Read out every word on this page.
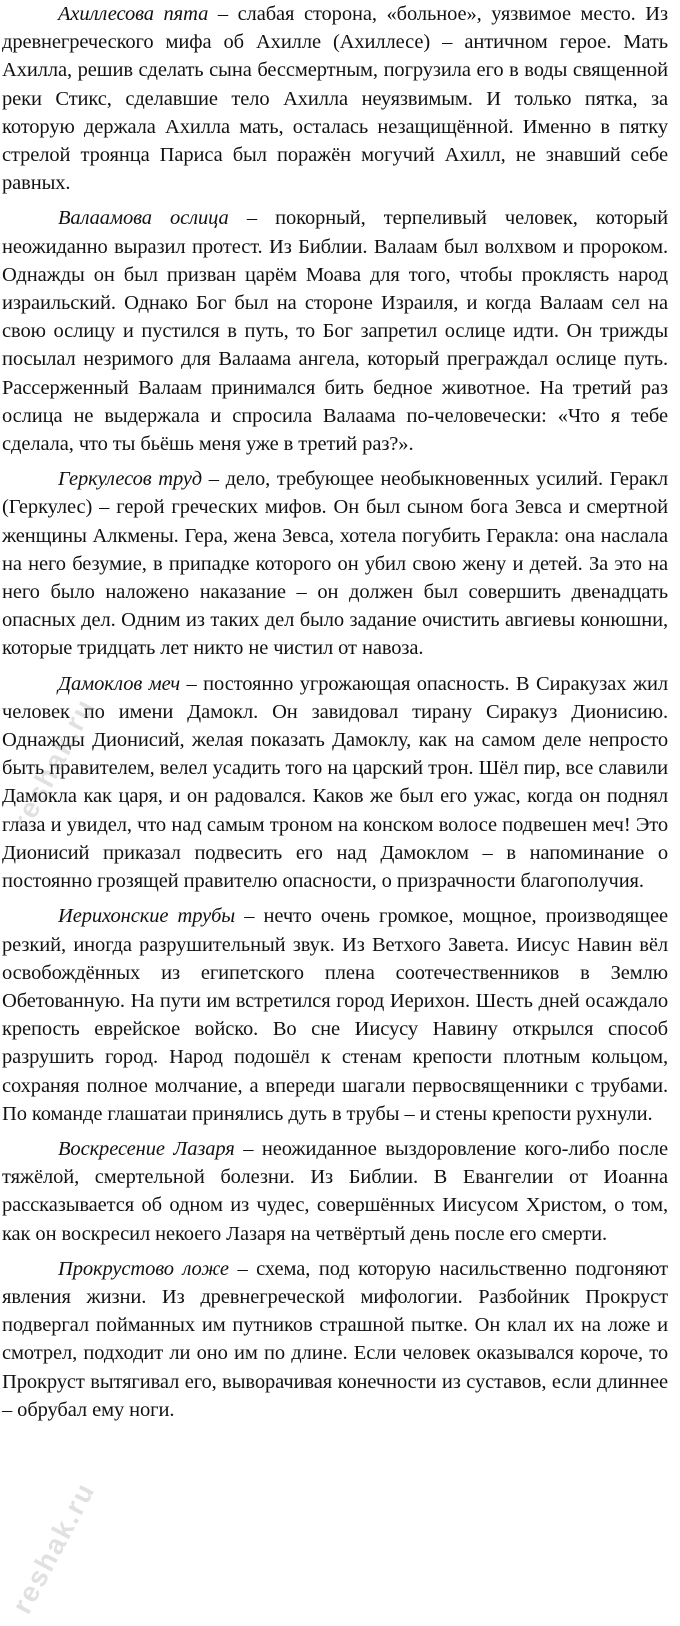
Ахиллесова пята – слабая сторона, «больное», уязвимое место. Из древнегреческого мифа об Ахилле (Ахиллесе) – античном герое. Мать Ахилла, решив сделать сына бессмертным, погрузила его в воды священной реки Стикс, сделавшие тело Ахилла неуязвимым. И только пятка, за которую держала Ахилла мать, осталась незащищённой. Именно в пятку стрелой троянца Париса был поражён могучий Ахилл, не знавший себе равных.

Валаамова ослица – покорный, терпеливый человек, который неожиданно выразил протест. Из Библии. Валаам был волхвом и пророком. Однажды он был призван царём Моава для того, чтобы проклясть народ израильский. Однако Бог был на стороне Израиля, и когда Валаам сел на свою ослицу и пустился в путь, то Бог запретил ослице идти. Он трижды посылал незримого для Валаама ангела, который преграждал ослице путь. Рассерженный Валаам принимался бить бедное животное. На третий раз ослица не выдержала и спросила Валаама по-человечески: «Что я тебе сделала, что ты бьёшь меня уже в третий раз?».

Геркулесов труд – дело, требующее необыкновенных усилий. Геракл (Геркулес) – герой греческих мифов. Он был сыном бога Зевса и смертной женщины Алкмены. Гера, жена Зевса, хотела погубить Геракла: она наслала на него безумие, в припадке которого он убил свою жену и детей. За это на него было наложено наказание – он должен был совершить двенадцать опасных дел. Одним из таких дел было задание очистить авгиевы конюшни, которые тридцать лет никто не чистил от навоза.

Дамоклов меч – постоянно угрожающая опасность. В Сиракузах жил человек по имени Дамокл. Он завидовал тирану Сиракуз Дионисию. Однажды Дионисий, желая показать Дамоклу, как на самом деле непросто быть правителем, велел усадить того на царский трон. Шёл пир, все славили Дамокла как царя, и он радовался. Каков же был его ужас, когда он поднял глаза и увидел, что над самым троном на конском волосе подвешен меч! Это Дионисий приказал подвесить его над Дамоклом – в напоминание о постоянно грозящей правителю опасности, о призрачности благополучия.

Иерихонские трубы – нечто очень громкое, мощное, производящее резкий, иногда разрушительный звук. Из Ветхого Завета. Иисус Навин вёл освобождённых из египетского плена соотечественников в Землю Обетованную. На пути им встретился город Иерихон. Шесть дней осаждало крепость еврейское войско. Во сне Иисусу Навину открылся способ разрушить город. Народ подошёл к стенам крепости плотным кольцом, сохраняя полное молчание, а впереди шагали первосвященники с трубами. По команде глашатаи принялись дуть в трубы – и стены крепости рухнули.

Воскресение Лазаря – неожиданное выздоровление кого-либо после тяжёлой, смертельной болезни. Из Библии. В Евангелии от Иоанна рассказывается об одном из чудес, совершённых Иисусом Христом, о том, как он воскресил некоего Лазаря на четвёртый день после его смерти.

Прокрустово ложе – схема, под которую насильственно подгоняют явления жизни. Из древнегреческой мифологии. Разбойник Прокруст подвергал пойманных им путников страшной пытке. Он клал их на ложе и смотрел, подходит ли оно им по длине. Если человек оказывался короче, то Прокруст вытягивал его, выворачивая конечности из суставов, если длиннее – обрубал ему ноги.

reshak.ru
reshak.ru
